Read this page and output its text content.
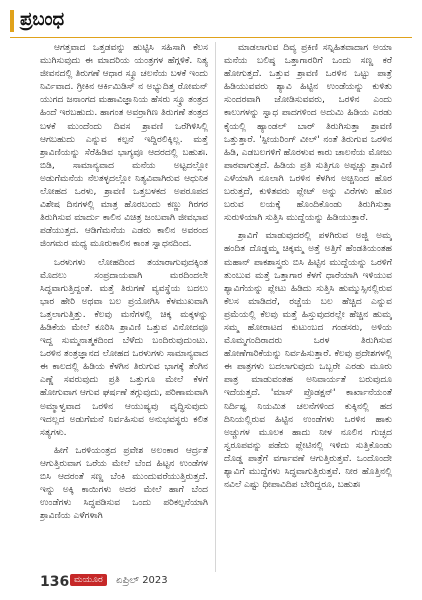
ಪ್ರಬಂಧ

ಆಗತ್ತವಾದ ಒತ್ತಡವನ್ನು ಹುಟ್ಟಿಸಿ ಸಹಿಸಾಗಿ ಕೆಲಸ ಮುಗಿಸುವುದು ಈ ಮಾದರಿಯ ಯಂತ್ರಗಳ ಹೆಗ್ಗಳಿಕೆ. ನಿತ್ಯ ಜೀವನದಲ್ಲಿ ತಿರುಗಣೆ ಆಧಾರ ಸ್ಕ್ರೂ ಚಲನೆಯ ಬಳಕೆ ಇಂದು ನಿರ್ವಿವಾದ. ಗ್ರೀಕಿನ ಆರ್ಕಿಮಿಡಿಸ್ ನ ಅಭ್ಯುದಿತ್ತ ರೋಮನ್ ಯುಗದ ಜನಾಂಗದ ಮಹಾವಿಜ್ಞಾನಿಯ ಹೆಸರು ಸ್ಕ್ರೂ ತಂತ್ರದ ಹಿಂದೆ ಇರಬಹುದು. ಹಾಗಂತ ಅವರ್ರಾಗಿಣ ತಿರುಗಣೆ ತಂತ್ರದ ಬಳಕೆ ಮುಂದೆಂದು ದಿವಸ ಶ್ರಾವಣಿ ಒರೆಗಿಳಿಸಿಲ್ಲಿ ಆಗಬಹುದು ಎನ್ನುವ ಕಲ್ಪನೆ ಇದ್ದಿರಲಿಕ್ಕಿಲ್ಲ. ಮತ್ತೆ ಶ್ರಾವಿಣಿಯನ್ನು ಸೆರೆಹಿಡಿವ ಭಾಗ್ಯವೂ ಆದರದಲ್ಲಿ ಬಹುಶಃ. ಬಿಡಿ, ಸಾಮಾನ್ಯವಾದ ಮನೆಯ ಅಟ್ಟದಲ್ಲೋ ಅಡುಗೆಮನೆಯ ನೆಲತಳ್ಳದಲ್ಲೋ ನಿತ್ಯವಿವಾಗಿರುವ ಆಧುನಿಕ ಲೋಹದ ಒರಳು, ಶ್ರಾವಣಿ ಒತ್ತಬಳಕದ ಅಪರೂಪದ ವಿಶೇಷ ದಿನಗಳಲ್ಲಿ ಮಾತ್ರ ಹೊರಬಂದು ಕಣ್ಣು ಗಿರಗರ ತಿರುಗಿಸುವ ಮಾರ್ದು ಕಾಲಿನ ವಿಚಿತ್ರ ಜಂಬವಾಗಿ ಜೀವಭಾವ ಪಡೆಯುತ್ತದ. ಆಡಿಗೆಮನೆಯ ಎಡರು ಕಾಲಿನ ಅವರಂದ ಜಿಂಗಮರ ಮಧ್ಯ ಮೂರುಕಾಲಿನ ಕಾಂತ ಸ್ವಾಧನದಿಂದ.

ಒರಳುಗಳು ಲೋಹದಿಂದ ತಯಾರಾಗುವುದಕ್ಕಿಂತ ಮೊದಲು ಸಂಪ್ರದಾಯವಾಗಿ ಮರದಿಂದಲೇ ಸಿದ್ಧವಾಗುತ್ತಿದ್ದಂತೆ. ಮತ್ತೆ ತಿರುಗಣೆ ವ್ಯವಸ್ಥೆಯ ಬದಲು ಭಾರ ಹೇರಿ ಅಥವಾ ಬಲ ಪ್ರಯೋಗಿಸಿ ಕೆಳಮುಖವಾಗಿ ಒತ್ತಲಾಗುತ್ತಿತ್ತು. ಕೆಲವು ಮನೆಗಳಲ್ಲಿ ಚಿಕ್ಕ ಮಕ್ಕಳನ್ನು ಹಿಡಿಕೆಯ ಮೇಲೆ ಕೂರಿಸಿ ಶ್ರಾವಿಣಿ ಒತ್ತುವ ವಿನೋದವೂ ಇದ್ದ ಸುಮ್ಮನಾತ್ಮಕದಿಂದ ಬೆಳೆದು ಬಂದಿರುವುದುಂಟು. ಒರಳಿನ ತಂತ್ರಜ್ಞಾನದ ಲೋಹದ ಒರಳುಗಳು ಸಾಮಾನ್ಯವಾದ ಈ ಕಾಲದಲ್ಲಿ ಹಿಡಿಯ ಕೆಳಗಿನ ತಿರುಗುವ ಭಾಗಕ್ಕೆ ತೆಂಗಿನ ಎಣ್ಣೆ ಸವರುವುದು ಪ್ರತಿ ಒತ್ತುಗೂ ಮೇಲೆ ಕೆಳಗೆ ಹೋಗುವಾಗ ಆಗುವ ಘರ್ಷಣೆ ತಗ್ಗುವುದು, ಪರಿಣಾಮವಾಗಿ ಅಮ್ಮಾಳ್ವವಾದ ಒರಳಿನ ಆಯುಷ್ಯವು ವೃದ್ಧಿಸುವುದು ಇದಲ್ಲದ ಅಡುಗೆಮನೆ ನಿರ್ವಹಿಸುವ ಅನುಭವಸ್ಥರು ಕಲಿತ ಸತ್ಯಗಳು.

ಹೀಗೆ ಒರಳಿಯಂತ್ರದ ಪ್ರವೇಶ ಅಲಂಕಾರ ಆರ್ದ್ರತೆ ಆಗುತ್ತಿರುವಾಗ ಒರೆಯ ಮೇಲೆ ಬೆಂದ ಹಿಟ್ಟನ ಉಂಡೆಗಳ ಬಿಸಿ ಆದರಂತೆ ಸಣ್ಣ ಬೆಂಕಿ ಮುಂದುವರೆಯುತ್ತಿರುತ್ತದೆ. ಇನ್ನು ಅಕ್ಕಿ ಕಾಯಿಗಳು ಅದರ ಮೇಲೆ ಹಾಗೆ ಬೆಂದ ಉಂಡೆಗಳು ಸಿದ್ಧಪಡಿಸುವ ಒಂದು ಪರಿಕಲ್ಪನೆಯಾಗಿ ಶ್ರಾವಿಣಿಯ ಎಳೆಗಳಾಗಿ

ಮಾಡಲಾಗುವ ದಿವ್ಯ ಪ್ರಕಿಣಿ ಸನ್ನಿಹಿತವಾದಾಗ ಅಯಾ ಮನೆಯ ಬಲಿಷ್ಠ ಒತ್ತಾಗಾರರಿಗೆ ಒಂದು ಸಣ್ಣ ಕರೆ ಹೋಗುತ್ತದೆ. ಒತ್ತುವ ಶ್ರಾವಣಿ ಒರಳಿನ ಒಟ್ಟು ಪಾತ್ರೆ ಹಿಡಿಯುವವರು ಶ್ಯಾವಿ ಹಿಟ್ಟಿನ ಉಂಡೆಯನ್ನು ಕುಳಿತು ಸುಂದರವಾಗಿ ಜೋಡಿಸುವವರು, ಒರಳಿನ ಎಂದು ಕಾಲುಗಳನ್ನು ಸ್ವಾಧ ಪಾದಗಳಿಂದ ಅದುಮಿ ಹಿಡಿಯ ಎರಡು ಕೈಯಲ್ಲಿ ಹ್ಯಾಂಡಲ್ ಬಾರ್ ತಿರುಗಿಸುತ್ತಾ ಶ್ರಾವಣಿ ಒತ್ತುತ್ತಾರೆ. 'ಸ್ಪೀಯರಿಂಗ್ ವೀಲ್' ನಂತೆ ತಿರುಗುವ ಒರಳಿನ ಹಿಡಿ, ಎಡಬಲಗಳಿಗೆ ಹೊರಳುವ ಕಾರು ಚಾಲನೆಯ ಮೋಜು ಪಾಠವಾಗುತ್ತದೆ. ಹಿಡಿಯ ಪ್ರತಿ ಸುತ್ತಿಗೂ ಅಪ್ಪಚ್ಚು ಶ್ರಾವಿಣಿ ಎಳೆಯಾಗಿ ನೂಲಾಗಿ ಒರಳಿನ ಕೆಳಗಿನ ಅಚ್ಚಿನಿಂದ ಹೊರ ಬರುತ್ತದೆ, ಕುಳಿತವರು ಪ್ಲೇಟ್ ಅನ್ನು ವಿರೆಗಳು ಹೊರ ಬರುವ ಲಯಕ್ಕೆ ಹೊಂದಿಕೊಂಡು ತಿರುಗಿಸುತ್ತಾ ಸುರುಳಿಯಾಗಿ ಸುತ್ತಿಸಿ ಮುದ್ದೆಯನ್ನು ಹಿಡಿಯುತ್ತಾರೆ.

ಶ್ರಾವಿಗೆ ಮಾಡುವುದರಲ್ಲಿ ಪಳಗಿರುವ ಅಜ್ಜಿ ಅಮ್ಮ ಹಂದಿತ ದೊಡ್ಡಮ್ಮ ಚಿಕ್ಕಮ್ಮ ಅತ್ತೆ ಅತ್ತಿಗೆ ಹೆಂಡತಿಯಂತಹ ಮಹಾನ್ ಪಾಕಶಾಸ್ತ್ರರು ಬಿಸಿ ಹಿಟ್ಟಿನ ಮುದ್ದೆಯನ್ನು ಒರಳಿಗೆ ತುಂಬುವ ಮತ್ತೆ ಒತ್ತಾಗಾರ ಕೆಳಗೆ ಧಾರೆಯಾಗಿ ಇಳಿಯುವ ಶ್ಯಾವಿಗೆಯನ್ನು ಪ್ಲೇಟು ಹಿಡಿದು ಸುತ್ತಿಸಿ ಹುಮ್ಮುಸ್ಸಿನಲ್ಲಿರುವ ಕೆಲಸ ಮಾಡಿದರೆ, ರಚ್ಚೆಯ ಬಲ ಹೆಚ್ಚಿದ ಎನ್ನುವ ಪ್ರಮೆಯಲ್ಲಿ ಕೆಲವು ಮತ್ತೆ ಹಿಸ್ತುವುದರಲ್ಲೇ ಹೆಚ್ಚಿನ ಹುಮ್ಮ ಸಮ್ಮ ಹೋರಾಟದ ಕುಟುಂಬದ ಗಂಡಸರು, ಅಳಿಯ ಮೊಮ್ಮಗಂದಿರಾದರು ಒರಳ ತಿರುಗಿಸುವ ಹೋಣೆಗಾರಿಕೆಯನ್ನು ನಿರ್ವಹಿಸುತ್ತಾರೆ. ಕೆಲವು ಪ್ರದೇಶಗಳಲ್ಲಿ ಈ ಪಾತ್ರಗಳು ಬದಲಾಗುವುದು ಒಬ್ಬರೇ ಎರಡು ಮೂರು ಪಾತ್ರ ಮಾಡುವಂತಹ ಅನಿವಾರ್ಯತೆ ಬರುವುದೂ ಇದೆಯತ್ತದೆ. 'ಮಾಸ್ ಪ್ರೊಡಕ್ಷನ್' ಕಾರ್ಖಾನೆಯಂತೆ ನಿರ್ದಿಷ್ಟ ನಿಯಮಿತ ಚಲನೆಗಳಿಂದ ಕುಕ್ಕಿನಲ್ಲಿ ಹದ ದಿನಿಯಲ್ಲಿರುವ ಹಿಟ್ಟಿನ ಉಂಡೆಗಳು ಒರಳಿನ ಹಾಕು ಅಚ್ಚುಗಳ ಮೂಲಕ ಹಾದು ನೀಳ ನೂಲಿನ ಗುಚ್ಛದ ಸ್ವರೂಪವನ್ನು ಪಡೆದು ಪ್ಲೇಟಿನಲ್ಲಿ ಇಳಿದು ಸುತ್ತಿಕೊಂಡು ದೊಡ್ಡ ಪಾತ್ರೆಗೆ ವರ್ಗಾವಣೆ ಆಗುತ್ತಿರುತ್ತವೆ. ಒಂದೊಂದೇ ಶ್ಯಾವಿಗೆ ಮುದ್ದೆಗಳು ಸಿದ್ಧವಾಗುತ್ತಿರುತ್ತವೆ. ನೀರ ಹೊತ್ತಿನಲ್ಲಿ ನವಿಲೆ ಎಷ್ಟು ಧೀಪಾವಿದಿಪ ಬೇರಿದ್ದರೂ, ಬಹುಶಃ

136 ಮಯೂರ	ಏಪ್ರಿಲ್ 2023
